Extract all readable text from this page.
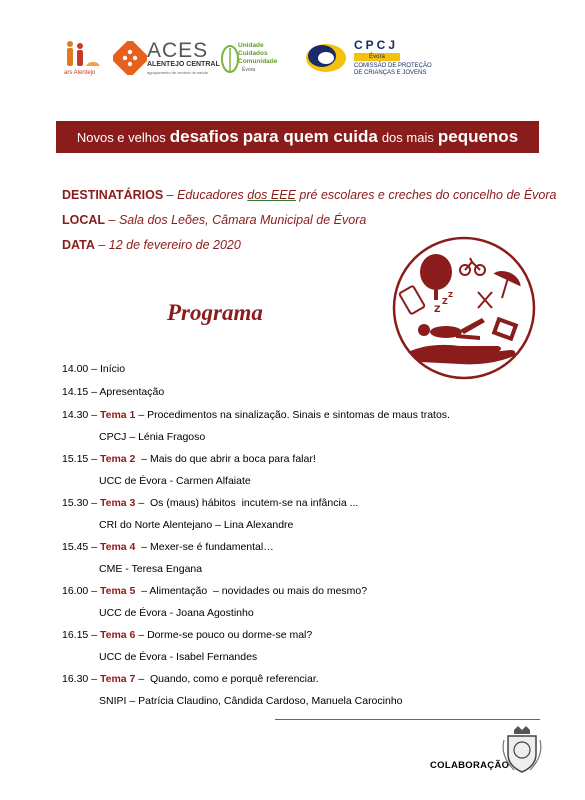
ars Alentejo
ACES
ALENTEJO CENTRAL
agrupamento de centros de saúde
Unidade
Cuidados
Comunidade
Évora
CPCJ
Évora
COMISSÃO DE PROTEÇÃO
DE CRIANÇAS E JOVENS
Novos e velhos desafios para quem cuida dos mais pequenos
DESTINATÁRIOS – Educadores dos EEE pré escolares e creches do concelho de Évora
LOCAL – Sala dos Leões, Câmara Municipal de Évora
DATA – 12 de fevereiro de 2020
Z
Z
Z
Programa
14.00 – Início
14.15 – Apresentação
14.30 – Tema 1 – Procedimentos na sinalização. Sinais e sintomas de maus tratos.
CPCJ – Lénia Fragoso
15.15 – Tema 2  – Mais do que abrir a boca para falar!
UCC de Évora - Carmen Alfaiate
15.30 – Tema 3 –  Os (maus) hábitos  incutem-se na infância ...
CRI do Norte Alentejano – Lina Alexandre
15.45 – Tema 4  – Mexer-se é fundamental…
CME - Teresa Engana
16.00 – Tema 5  – Alimentação  – novidades ou mais do mesmo?
UCC de Évora - Joana Agostinho
16.15 – Tema 6 – Dorme-se pouco ou dorme-se mal?
UCC de Évora - Isabel Fernandes
16.30 – Tema 7 –  Quando, como e porquê referenciar.
SNIPI – Patrícia Claudino, Cândida Cardoso, Manuela Carocinho
COLABORAÇÃO
